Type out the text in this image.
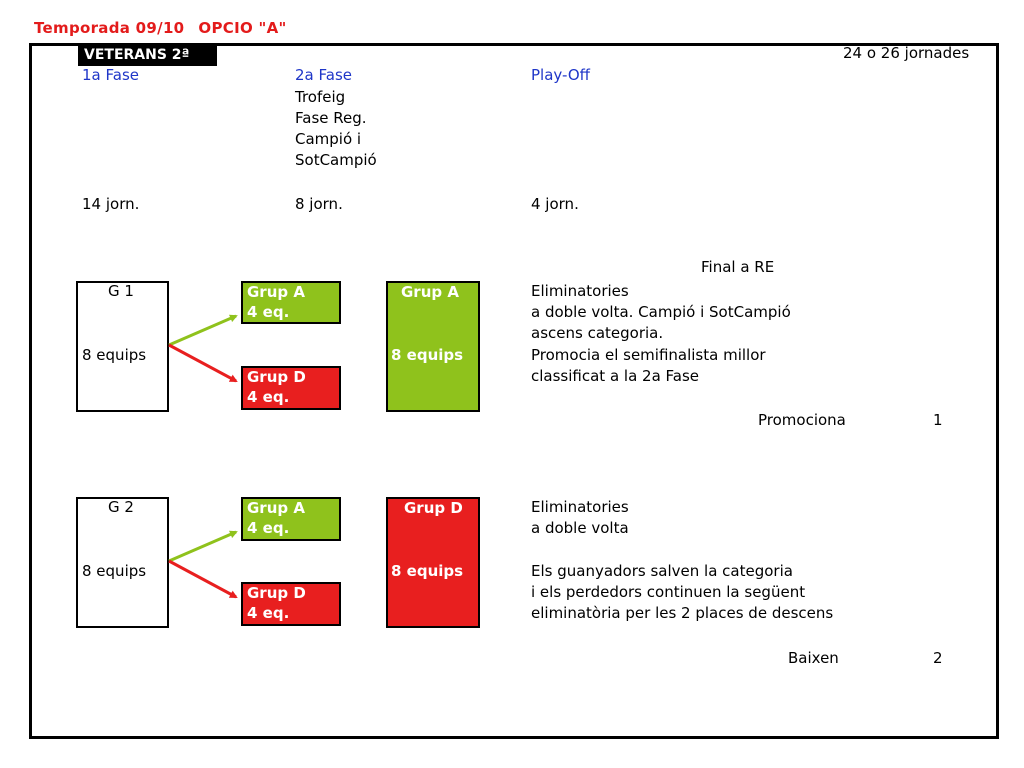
Temporada 09/10 OPCIO "A"
VETERANS 2ª	24 o 26 jornades
1a Fase	2a Fase	Play-Off
Trofeig
Fase Reg.
Campió i
SotCampió
14 jorn.	8 jorn.	4 jorn.
Final a RE
G 1
8 equips
Grup A
4 eq.
Grup D
4 eq.
Grup A
8 equips
Eliminatories
a doble volta. Campió i SotCampió
ascens categoria.
Promocia el semifinalista millor
classificat a la 2a Fase
Promociona	1
G 2
8 equips
Grup A
4 eq.
Grup D
4 eq.
Grup D
8 equips
Eliminatories
a doble volta
Els guanyadors salven la categoria
i els perdedors continuen la següent
eliminatòria per les 2 places de descens
Baixen	2
